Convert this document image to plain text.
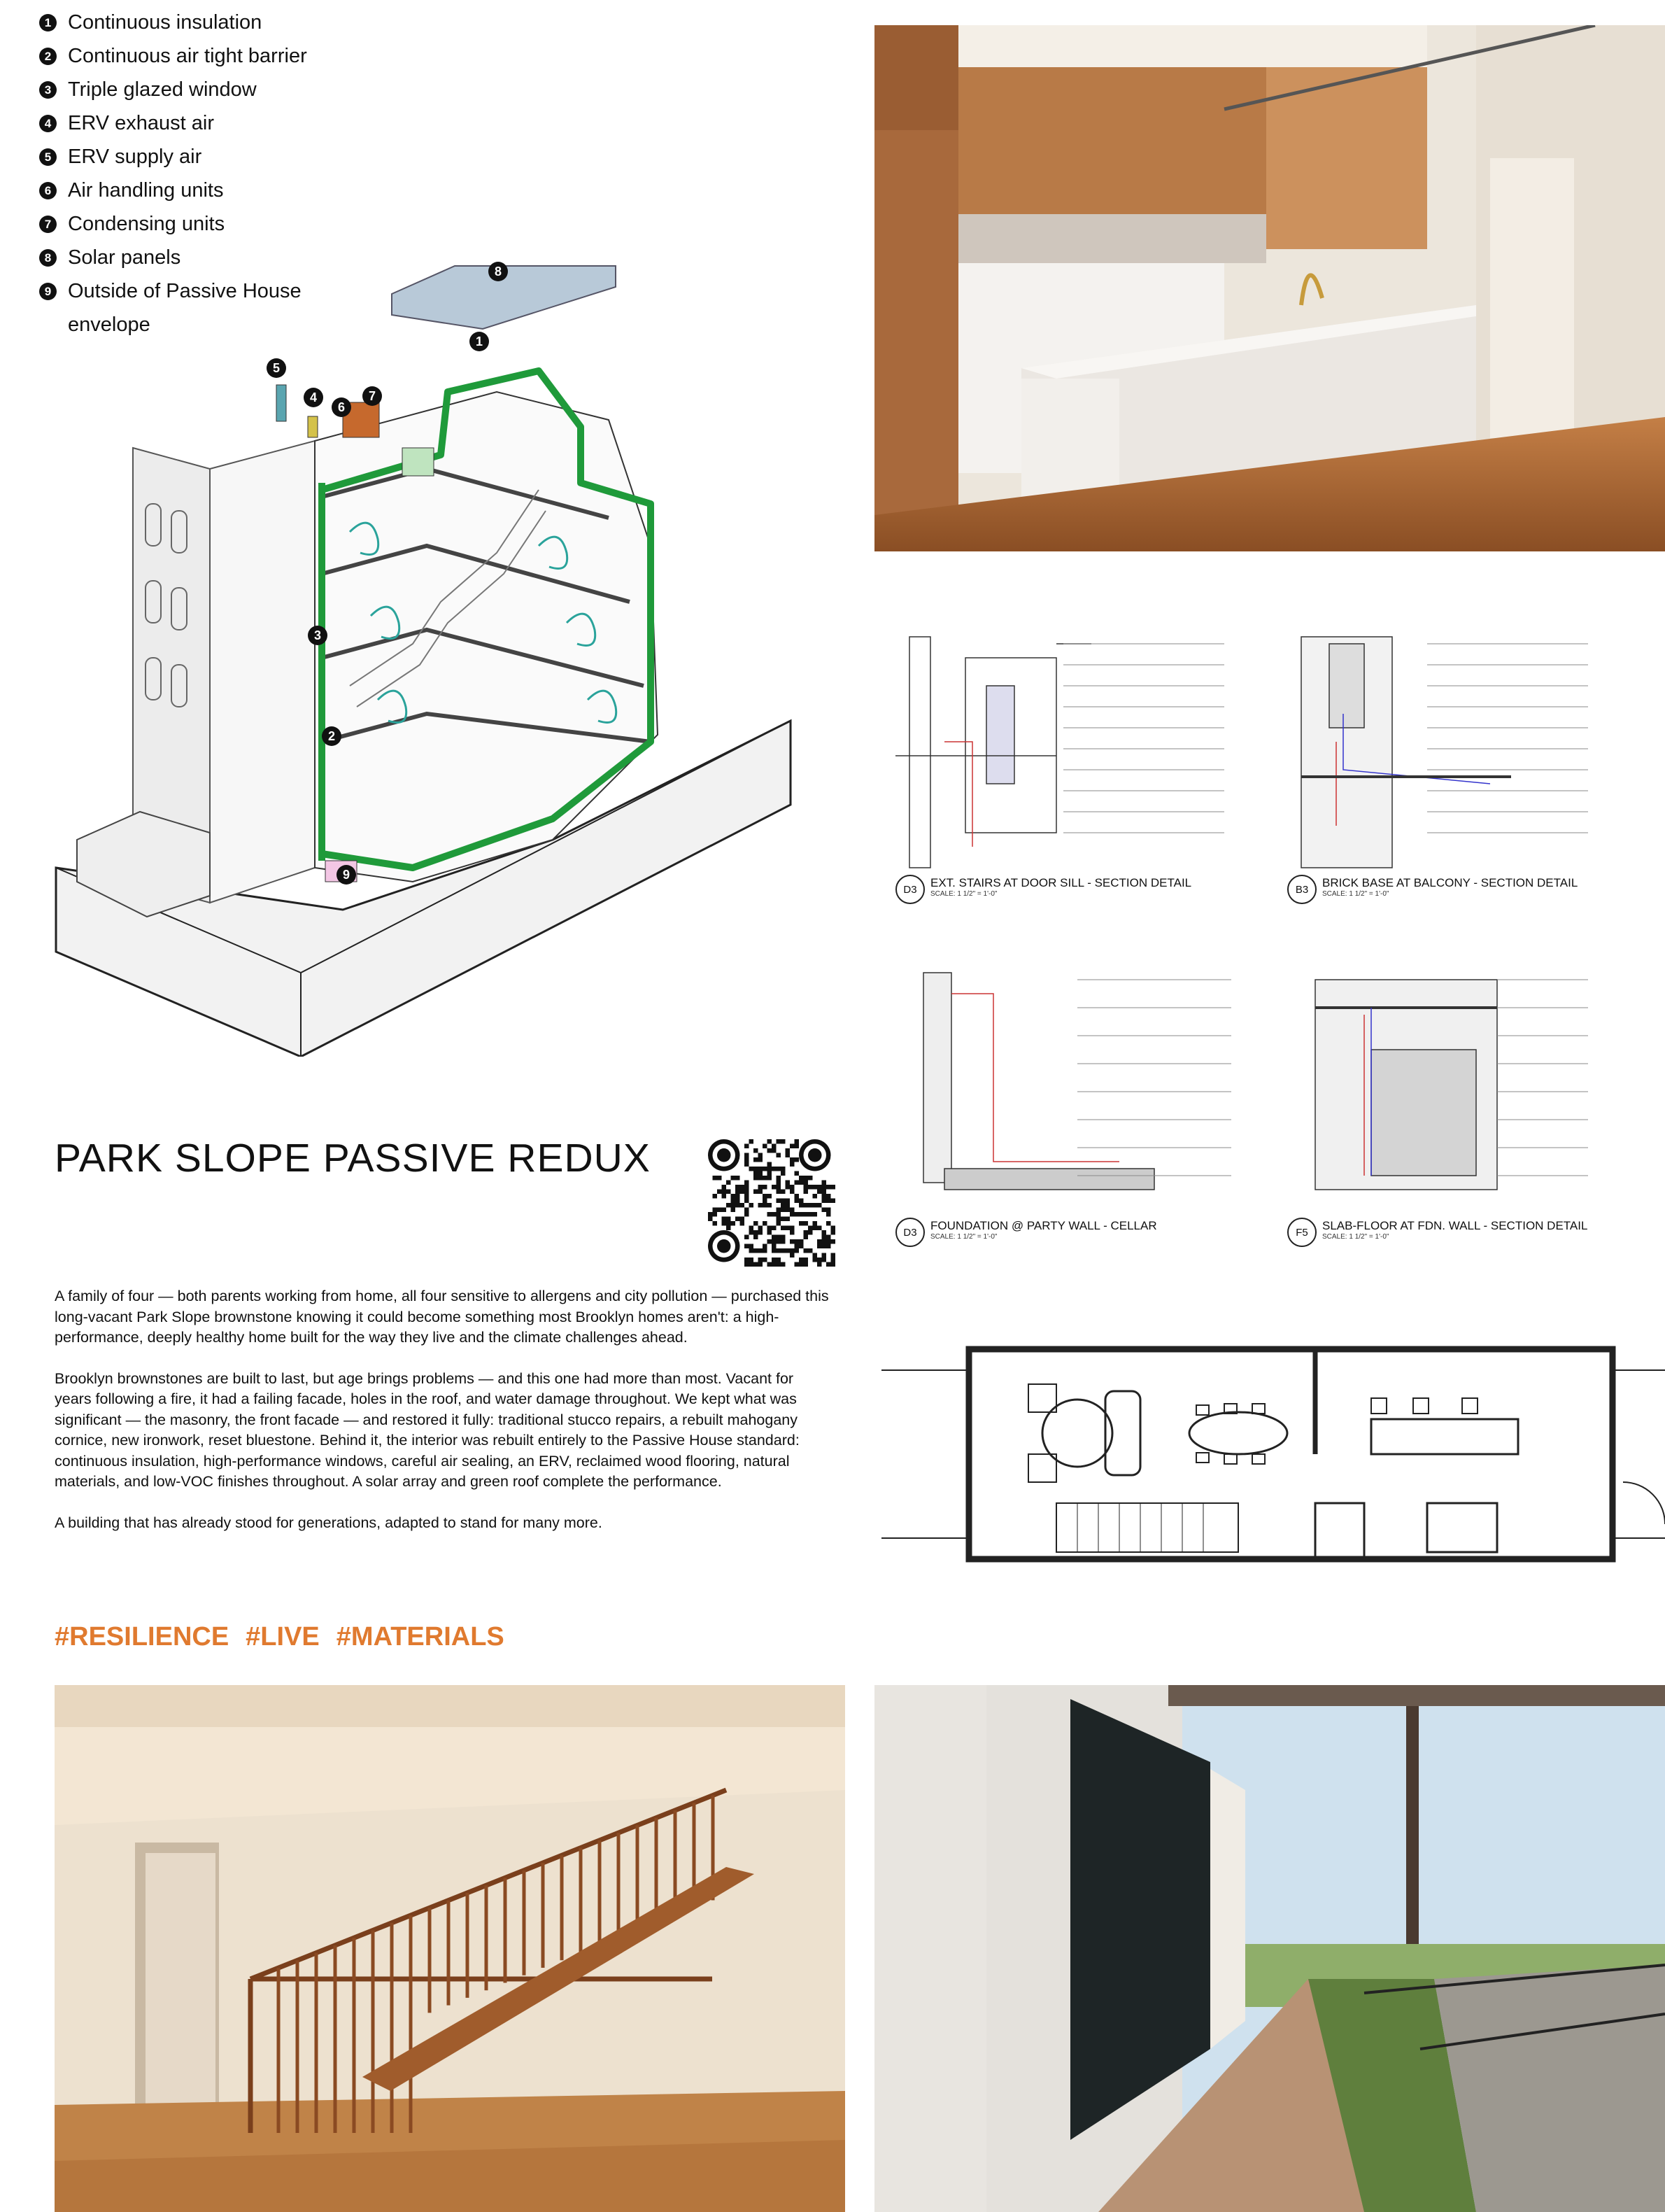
1 Continuous insulation
2 Continuous air tight barrier
3 Triple glazed window
4 ERV exhaust air
5 ERV supply air
6 Air handling units
7 Condensing units
8 Solar panels
9 Outside of Passive House
envelope
8
1
5
4
6
7
3
2
9
D3	EXT. STAIRS AT DOOR SILL - SECTION DETAIL
SCALE: 1 1/2" = 1'-0"	B3	BRICK BASE AT BALCONY - SECTION DETAIL
SCALE: 1 1/2" = 1'-0"
D3	FOUNDATION @ PARTY WALL - CELLAR
SCALE: 1 1/2" = 1'-0"	F5	SLAB-FLOOR AT FDN. WALL - SECTION DETAIL
SCALE: 1 1/2" = 1'-0"
PARK SLOPE PASSIVE REDUX

A family of four — both parents working from home, all four sensitive to allergens and city pollution — purchased this long-vacant Park Slope brownstone knowing it could become something most Brooklyn homes aren't: a high-performance, deeply healthy home built for the way they live and the climate challenges ahead.

Brooklyn brownstones are built to last, but age brings problems — and this one had more than most. Vacant for years following a fire, it had a failing facade, holes in the roof, and water damage throughout. We kept what was significant — the masonry, the front facade — and restored it fully: traditional stucco repairs, a rebuilt mahogany cornice, new ironwork, reset bluestone. Behind it, the interior was rebuilt entirely to the Passive House standard: continuous insulation, high-performance windows, careful air sealing, an ERV, reclaimed wood flooring, natural materials, and low-VOC finishes throughout. A solar array and green roof complete the performance.

A building that has already stood for generations, adapted to stand for many more.

#RESILIENCE #LIVE #MATERIALS
